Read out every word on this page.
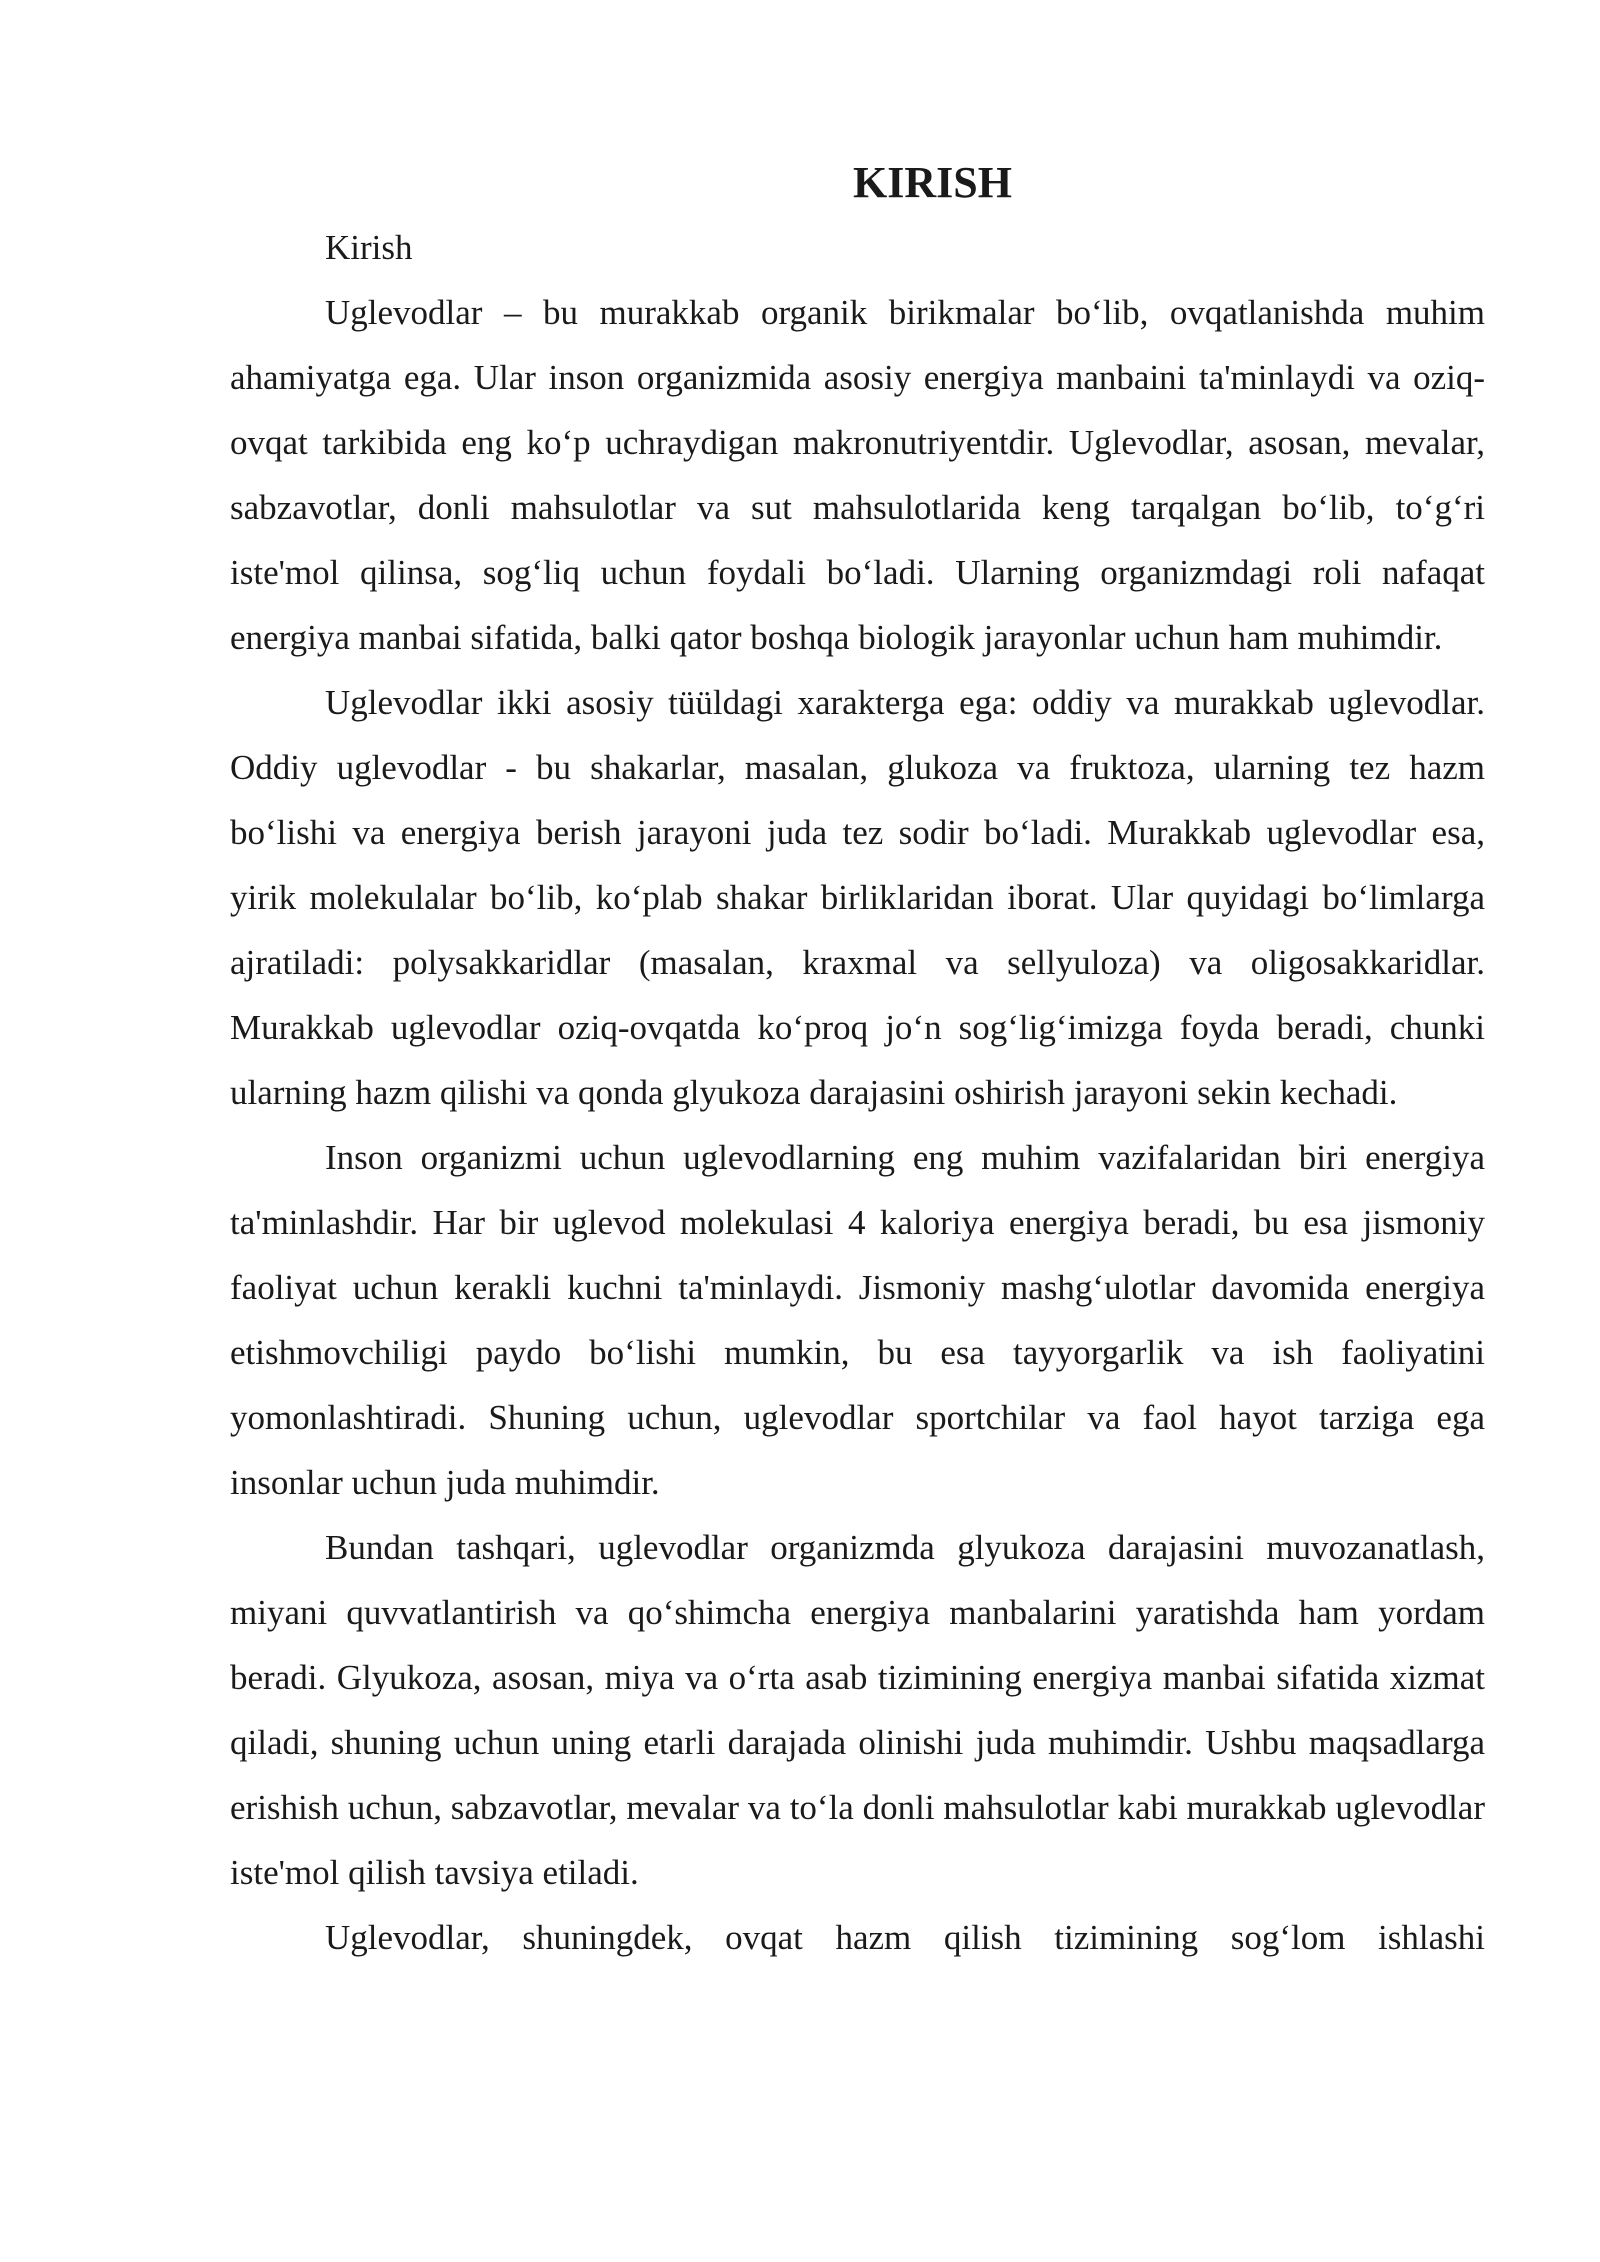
KIRISH

Kirish

Uglevodlar – bu murakkab organik birikmalar bo‘lib, ovqatlanishda muhim ahamiyatga ega. Ular inson organizmida asosiy energiya manbaini ta'minlaydi va oziq-ovqat tarkibida eng ko‘p uchraydigan makronutriyentdir. Uglevodlar, asosan, mevalar, sabzavotlar, donli mahsulotlar va sut mahsulotlarida keng tarqalgan bo‘lib, to‘g‘ri iste'mol qilinsa, sog‘liq uchun foydali bo‘ladi. Ularning organizmdagi roli nafaqat energiya manbai sifatida, balki qator boshqa biologik jarayonlar uchun ham muhimdir.

Uglevodlar ikki asosiy tüüldagi xarakterga ega: oddiy va murakkab uglevodlar. Oddiy uglevodlar - bu shakarlar, masalan, glukoza va fruktoza, ularning tez hazm bo‘lishi va energiya berish jarayoni juda tez sodir bo‘ladi. Murakkab uglevodlar esa, yirik molekulalar bo‘lib, ko‘plab shakar birliklaridan iborat. Ular quyidagi bo‘limlarga ajratiladi: polysakkaridlar (masalan, kraxmal va sellyuloza) va oligosakkaridlar. Murakkab uglevodlar oziq-ovqatda ko‘proq jo‘n sog‘lig‘imizga foyda beradi, chunki ularning hazm qilishi va qonda glyukoza darajasini oshirish jarayoni sekin kechadi.

Inson organizmi uchun uglevodlarning eng muhim vazifalaridan biri energiya ta'minlashdir. Har bir uglevod molekulasi 4 kaloriya energiya beradi, bu esa jismoniy faoliyat uchun kerakli kuchni ta'minlaydi. Jismoniy mashg‘ulotlar davomida energiya etishmovchiligi paydo bo‘lishi mumkin, bu esa tayyorgarlik va ish faoliyatini yomonlashtiradi. Shuning uchun, uglevodlar sportchilar va faol hayot tarziga ega insonlar uchun juda muhimdir.

Bundan tashqari, uglevodlar organizmda glyukoza darajasini muvozanatlash, miyani quvvatlantirish va qo‘shimcha energiya manbalarini yaratishda ham yordam beradi. Glyukoza, asosan, miya va o‘rta asab tizimining energiya manbai sifatida xizmat qiladi, shuning uchun uning etarli darajada olinishi juda muhimdir. Ushbu maqsadlarga erishish uchun, sabzavotlar, mevalar va to‘la donli mahsulotlar kabi murakkab uglevodlar iste'mol qilish tavsiya etiladi.

Uglevodlar, shuningdek, ovqat hazm qilish tizimining sog‘lom ishlashi
